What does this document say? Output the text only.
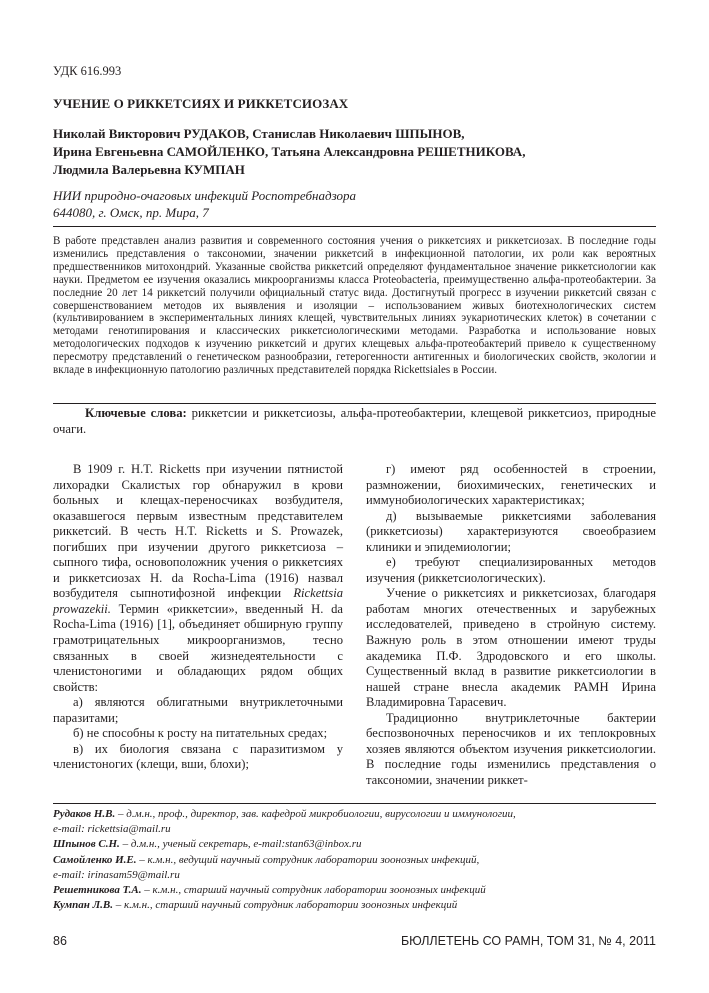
УДК 616.993
УЧЕНИЕ О РИККЕТСИЯХ И РИККЕТСИОЗАХ
Николай Викторович РУДАКОВ, Станислав Николаевич ШПЫНОВ,
Ирина Евгеньевна САМОЙЛЕНКО, Татьяна Александровна РЕШЕТНИКОВА,
Людмила Валерьевна КУМПАН
НИИ природно-очаговых инфекций Роспотребнадзора
644080, г. Омск, пр. Мира, 7
В работе представлен анализ развития и современного состояния учения о риккетсиях и риккетсиозах. В последние годы изменились представления о таксономии, значении риккетсий в инфекционной патологии, их роли как вероятных предшественников митохондрий. Указанные свойства риккетсий определяют фундаментальное значение риккетсиологии как науки. Предметом ее изучения оказались микроорганизмы класса Proteobacteria, преимущественно альфа-протеобактерии. За последние 20 лет 14 риккетсий получили официальный статус вида. Достигнутый прогресс в изучении риккетсий связан с совершенствованием методов их выявления и изоляции – использованием живых биотехнологических систем (культивированием в экспериментальных линиях клещей, чувствительных линиях эукариотических клеток) в сочетании с методами генотипирования и классических риккетсиологическими методами. Разработка и использование новых методологических подходов к изучению риккетсий и других клещевых альфа-протеобактерий привело к существенному пересмотру представлений о генетическом разнообразии, гетерогенности антигенных и биологических свойств, экологии и вкладе в инфекционную патологию различных представителей порядка Rickettsiales в России.
Ключевые слова: риккетсии и риккетсиозы, альфа-протеобактерии, клещевой риккетсиоз, природные очаги.

В 1909 г. H.T. Ricketts при изучении пятнистой лихорадки Скалистых гор обнаружил в крови больных и клещах-переносчиках возбудителя, оказавшегося первым известным представителем риккетсий. В честь H.T. Ricketts и S. Prowazek, погибших при изучении другого риккетсиоза – сыпного тифа, основоположник учения о риккетсиях и риккетсиозах H. da Rocha-Lima (1916) назвал возбудителя сыпнотифозной инфекции Rickettsia prowazekii. Термин «риккетсии», введенный H. da Rocha-Lima (1916) [1], объединяет обширную группу грамотрицательных микроорганизмов, тесно связанных в своей жизнедеятельности с членистоногими и обладающих рядом общих свойств:

а) являются облигатными внутриклеточными паразитами;

б) не способны к росту на питательных средах;

в) их биология связана с паразитизмом у членистоногих (клещи, вши, блохи);

г) имеют ряд особенностей в строении, размножении, биохимических, генетических и иммунобиологических характеристиках;

д) вызываемые риккетсиями заболевания (риккетсиозы) характеризуются своеобразием клиники и эпидемиологии;

е) требуют специализированных методов изучения (риккетсиологических).

Учение о риккетсиях и риккетсиозах, благодаря работам многих отечественных и зарубежных исследователей, приведено в стройную систему. Важную роль в этом отношении имеют труды академика П.Ф. Здродовского и его школы. Существенный вклад в развитие риккетсиологии в нашей стране внесла академик РАМН Ирина Владимировна Тарасевич.

Традиционно внутриклеточные бактерии беспозвоночных переносчиков и их теплокровных хозяев являются объектом изучения риккетсиологии. В последние годы изменились представления о таксономии, значении риккет-

Рудаков Н.В. – д.м.н., проф., директор, зав. кафедрой микробиологии, вирусологии и иммунологии,
e-mail: rickettsia@mail.ru
Шпынов С.Н. – д.м.н., ученый секретарь, e-mail:stan63@inbox.ru
Самойленко И.Е. – к.м.н., ведущий научный сотрудник лаборатории зоонозных инфекций,
e-mail: irinasam59@mail.ru
Решетникова Т.А. – к.м.н., старший научный сотрудник лаборатории зоонозных инфекций
Кумпан Л.В. – к.м.н., старший научный сотрудник лаборатории зоонозных инфекций
86	БЮЛЛЕТЕНЬ СО РАМН, ТОМ 31, № 4, 2011
